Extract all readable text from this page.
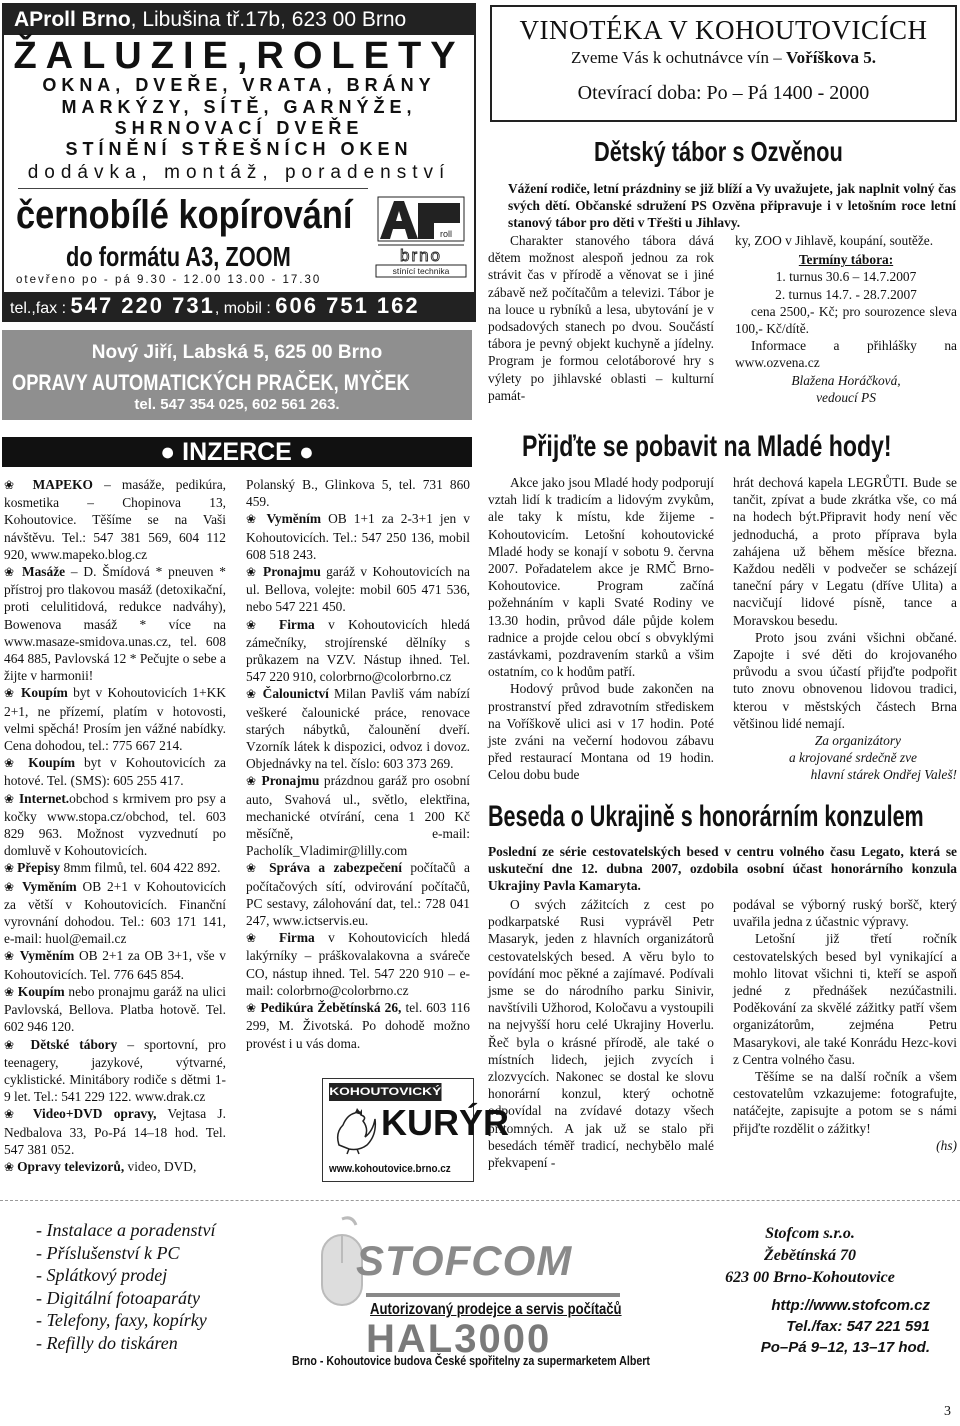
AProll Brno, Libušina tř.17b, 623 00 Brno
ŽALUZIE,ROLETY
OKNA, DVEŘE, VRATA, BRÁNY
MARKÝZY, SÍTĚ, GARNÝŽE,
SHRNOVACÍ DVEŘE
STÍNĚNÍ STŘEŠNÍCH OKEN
dodávka, montáž, poradenství
černobílé kopírování
do formátu A3, ZOOM
otevřeno po - pá 9.30 - 12.00 13.00 - 17.30
roll
brno
stínící technika
tel.,fax : 547 220 731, mobil : 606 751 162
Nový Jiří, Labská 5, 625 00 Brno
OPRAVY AUTOMATICKÝCH PRAČEK, MYČEK
tel. 547 354 025, 602 561 263.
● INZERCE ●

❀ MAPEKO – masáže, pedikúra, kosmetika – Chopinova 13, Kohoutovice. Těšíme se na Vaši návštěvu. Tel.: 547 381 569, 604 112 920, www.mapeko.blog.cz

❀ Masáže – D. Šmídová * pneuven * přístroj pro tlakovou masáž (detoxikační, proti celulitidová, redukce nadváhy), Bowenova masáž * více na www.masaze-smidova.unas.cz, tel. 608 464 885, Pavlovská 12 * Pečujte o sebe a žijte v harmonii!

❀ Koupím byt v Kohoutovicích 1+KK 2+1, ne přízemí, platím v hotovosti, velmi spěchá! Prosím jen vážné nabídky. Cena dohodou, tel.: 775 667 214.

❀ Koupím byt v Kohoutovicích za hotové. Tel. (SMS): 605 255 417.

❀ Internet.obchod s krmivem pro psy a kočky www.stopa.cz/obchod, tel. 603 829 963. Možnost vyzvednutí po domluvě v Kohoutovicích.

❀ Přepisy 8mm filmů, tel. 604 422 892.

❀ Vyměním OB 2+1 v Kohoutovicích za větší v Kohoutovicích. Finanční vyrovnání dohodou. Tel.: 603 171 141, e-mail: huol@email.cz

❀ Vyměním OB 2+1 za OB 3+1, vše v Kohoutovicích. Tel. 776 645 854.

❀ Koupím nebo pronajmu garáž na ulici Pavlovská, Bellova. Platba hotově. Tel. 602 946 120.

❀ Dětské tábory – sportovní, pro teenagery, jazykové, výtvarné, cyklistické. Minitábory rodiče s dětmi 1-9 let. Tel.: 541 229 122. www.drak.cz

❀ Video+DVD opravy, Vejtasa J. Nedbalova 33, Po-Pá 14–18 hod. Tel. 547 381 052.

❀ Opravy televizorů, video, DVD,

Polanský B., Glinkova 5, tel. 731 860 459.

❀ Vyměním OB 1+1 za 2-3+1 jen v Kohoutovicích. Tel.: 547 250 136, mobil 608 518 243.

❀ Pronajmu garáž v Kohoutovicích na ul. Bellova, volejte: mobil 605 471 536, nebo 547 221 450.

❀ Firma v Kohoutovicích hledá zámečníky, strojírenské dělníky s průkazem na VZV. Nástup ihned. Tel. 547 220 910, colorbrno@colorbrno.cz

❀ Čalounictví Milan Pavliš vám nabízí veškeré čalounické práce, renovace starých nábytků, čalounění dveří. Vzorník látek k dispozici, odvoz i dovoz. Objednávky na tel. číslo: 603 373 269.

❀ Pronajmu prázdnou garáž pro osobní auto, Svahová ul., světlo, elektřina, mechanické otvírání, cena 1 200 Kč měsíčně, e-mail: Pacholík_Vladimir@lilly.com

❀ Správa a zabezpečení počítačů a počítačových sítí, odvirování počítačů, PC sestavy, zálohování dat, tel.: 728 041 247, www.ictservis.eu.

❀ Firma v Kohoutovicích hledá lakýrníky – práškovalakovna a sváreče CO, nástup ihned. Tel. 547 220 910 – e-mail: colorbrno@colorbrno.cz

❀ Pedikúra Žebětínská 26, tel. 603 116 299, M. Životská. Po dohodě možno provést i u vás doma.

KOHOUTOVICKÝ
KURÝR
www.kohoutovice.brno.cz
VINOTÉKA V KOHOUTOVICÍCH
Zveme Vás k ochutnávce vín – Voříškova 5.
Otevírací doba: Po – Pá 1400 - 2000
Dětský tábor s Ozvěnou
Vážení rodiče, letní prázdniny se již blíží a Vy uvažujete, jak naplnit volný čas svých dětí. Občanské sdružení PS Ozvěna připravuje i v letošním roce letní stanový tábor pro děti v Třešti u Jihlavy.
Charakter stanového tábora dává dětem možnost alespoň jednou za rok strávit čas v přírodě a věnovat se i jiné zábavě než počítačům a televizi. Tábor je na louce u rybníků a lesa, ubytování je v podsadových stanech po dvou. Součástí tábora je pevný objekt kuchyně a jídelny. Program je formou celotáborové hry s výlety po jihlavské oblasti – kulturní památ-

ky, ZOO v Jihlavě, koupání, soutěže.

Termíny tábora:

1. turnus 30.6 – 14.7.2007

2. turnus 14.7. - 28.7.2007

cena 2500,- Kč; pro sourozence sleva 100,- Kč/dítě.

Informace a přihlášky na www.ozvena.cz

Blažena Horáčková,

vedoucí PS

Přijďte se pobavit na Mladé hody!

Akce jako jsou Mladé hody podporují vztah lidí k tradicím a lidovým zvykům, ale taky k místu, kde žijeme - Kohoutovicím. Letošní kohoutovické Mladé hody se konají v sobotu 9. června 2007. Pořadatelem akce je RMČ Brno-Kohoutovice. Program začíná požehnáním v kapli Svaté Rodiny ve 13.30 hodin, průvod dále půjde kolem radnice a projde celou obcí s obvyklými zastávkami, pozdravením starků a všim ostatním, co k hodům patří.

Hodový průvod bude zakončen na prostranství před zdravotním střediskem na Voříškově ulici asi v 17 hodin. Poté jste zváni na večerní hodovou zábavu před restaurací Montana od 19 hodin. Celou dobu bude

hrát dechová kapela LEGRŮTI. Bude se tančit, zpívat a bude zkrátka vše, co má na hodech být.Připravit hody není věc jednoduchá, a proto příprava byla zahájena už během měsíce března. Každou neděli v podvečer se scházejí taneční páry v Legatu (dříve Ulita) a nacvičují lidové písně, tance a Moravskou besedu.

Proto jsou zváni všichni občané. Zapojte i své děti do krojovaného průvodu a svou účastí přijďte podpořit tuto znovu obnovenou lidovou tradici, kterou v městských částech Brna většinou lidé nemají.

Za organizátory

a krojované srdečně zve

hlavní stárek Ondřej Valeš!

Beseda o Ukrajině s honorárním konzulem
Poslední ze série cestovatelských besed v centru volného času Legato, která se uskuteční dne 12. dubna 2007, ozdobila osobní účast honorárního konzula Ukrajiny Pavla Kamaryta.
O svých zážitcích z cest po podkarpatské Rusi vyprávěl Petr Masaryk, jeden z hlavních organizátorů cestovatelských besed. A věru bylo to povídání moc pěkné a zajímavé. Podívali jsme se do národního parku Sinivir, navštívili Užhorod, Koločavu a vystoupili na nejvyšší horu celé Ukrajiny Hoverlu. Řeč byla o krásné přírodě, ale také o místních lidech, jejich zvycích i zlozvycích. Nakonec se dostal ke slovu honorární konzul, který ochotně odpovídal na zvídavé dotazy všech přítomných. A jak už se stalo při besedách téměř tradicí, nechybělo malé překvapení -

podával se výborný ruský boršč, který uvařila jedna z účastnic výpravy.

Letošní již třetí ročník cestovatelských besed byl vynikající a mohlo litovat všichni ti, kteří se aspoň jedné z přednášek nezúčastnili. Poděkování za skvělé zážitky patří všem organizátorům, zejména Petru Masarykovi, ale také Konrádu Hezc-kovi z Centra volného času.

Těšíme se na další ročník a všem cestovatelům vzkazujeme: fotografujte, natáčejte, zapisujte a potom se s námi přijďte rozdělit o zážitky!

(hs)

- Instalace a poradenství

- Příslušenství k PC

- Splátkový prodej

- Digitální fotoaparáty

- Telefony, faxy, kopírky

- Refilly do tiskáren

STOFCOM
Autorizovaný prodejce a servis počítačů
HAL3000
Brno - Kohoutovice budova České spořitelny za supermarketem Albert

Stofcom s.r.o.

Žebětínská 70

623 00 Brno-Kohoutovice

http://www.stofcom.cz

Tel./fax: 547 221 591

Po–Pá 9–12, 13–17 hod.

3
